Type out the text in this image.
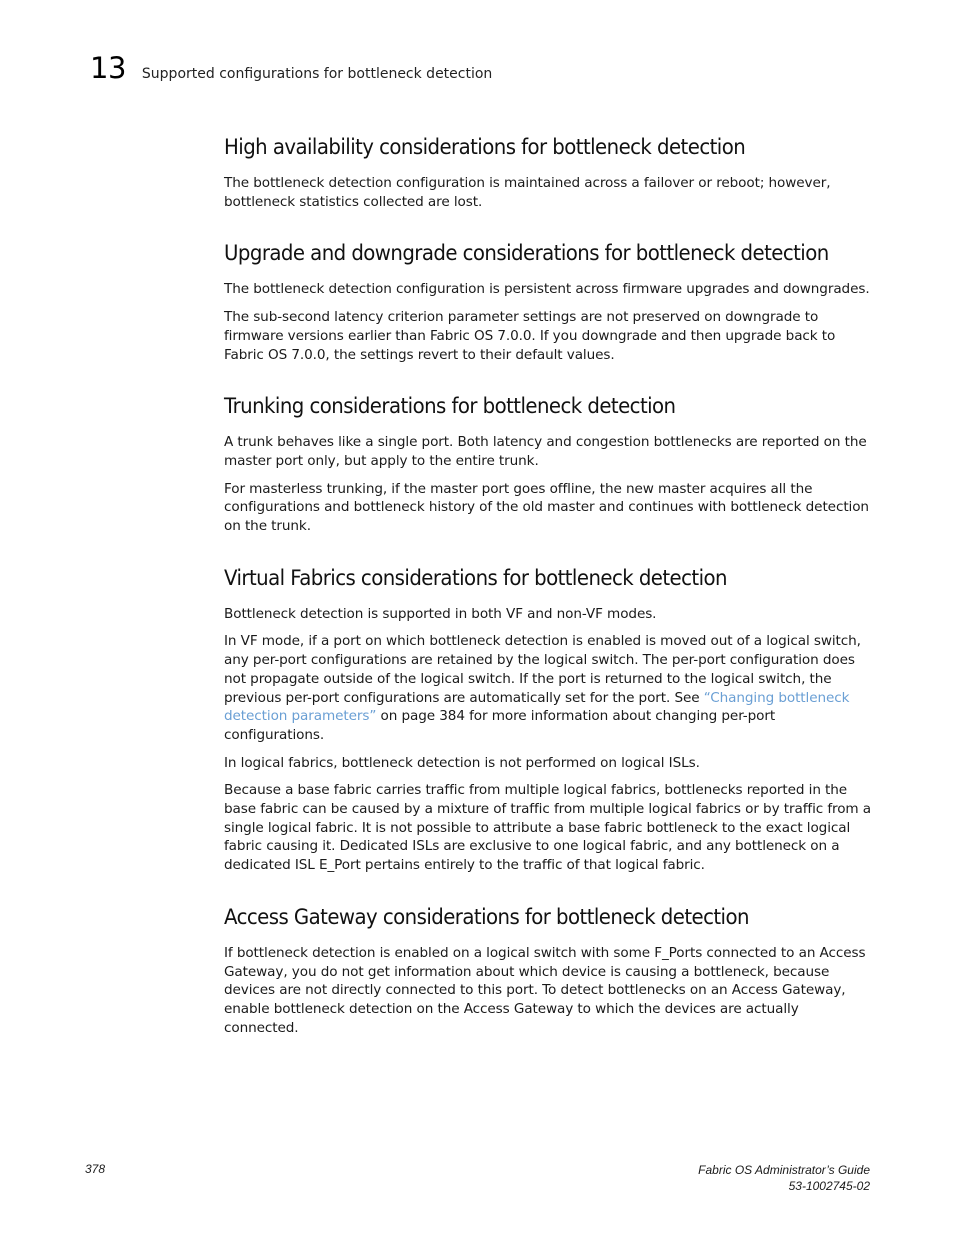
13 Supported configurations for bottleneck detection
High availability considerations for bottleneck detection

The bottleneck detection configuration is maintained across a failover or reboot; however, bottleneck statistics collected are lost.

Upgrade and downgrade considerations for bottleneck detection

The bottleneck detection configuration is persistent across firmware upgrades and downgrades.

The sub-second latency criterion parameter settings are not preserved on downgrade to firmware versions earlier than Fabric OS 7.0.0. If you downgrade and then upgrade back to Fabric OS 7.0.0, the settings revert to their default values.

Trunking considerations for bottleneck detection

A trunk behaves like a single port. Both latency and congestion bottlenecks are reported on the master port only, but apply to the entire trunk.

For masterless trunking, if the master port goes offline, the new master acquires all the configurations and bottleneck history of the old master and continues with bottleneck detection on the trunk.

Virtual Fabrics considerations for bottleneck detection

Bottleneck detection is supported in both VF and non-VF modes.

In VF mode, if a port on which bottleneck detection is enabled is moved out of a logical switch, any per-port configurations are retained by the logical switch. The per-port configuration does not propagate outside of the logical switch. If the port is returned to the logical switch, the previous per-port configurations are automatically set for the port. See “Changing bottleneck detection parameters” on page 384 for more information about changing per-port configurations.

In logical fabrics, bottleneck detection is not performed on logical ISLs.

Because a base fabric carries traffic from multiple logical fabrics, bottlenecks reported in the base fabric can be caused by a mixture of traffic from multiple logical fabrics or by traffic from a single logical fabric. It is not possible to attribute a base fabric bottleneck to the exact logical fabric causing it. Dedicated ISLs are exclusive to one logical fabric, and any bottleneck on a dedicated ISL E_Port pertains entirely to the traffic of that logical fabric.

Access Gateway considerations for bottleneck detection

If bottleneck detection is enabled on a logical switch with some F_Ports connected to an Access Gateway, you do not get information about which device is causing a bottleneck, because devices are not directly connected to this port. To detect bottlenecks on an Access Gateway, enable bottleneck detection on the Access Gateway to which the devices are actually connected.

378	Fabric OS Administrator’s Guide
53-1002745-02
